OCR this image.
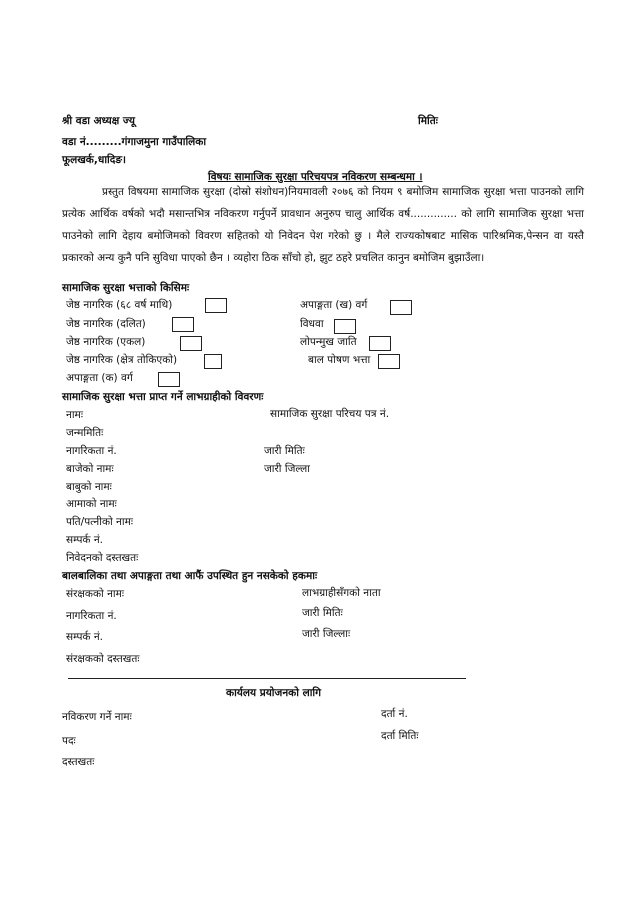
श्री वडा अध्यक्ष ज्यू	मितिः
वडा नं.........गंगाजमुना गाउँपालिका
फूलखर्क,धादिङ।
विषयः सामाजिक सुरक्षा परिचयपत्र नविकरण सम्बन्धमा ।
प्रस्तुत विषयमा सामाजिक सुरक्षा (दोस्रो संशोधन)नियमावली २०७६ को नियम ९ बमोजिम सामाजिक सुरक्षा भत्ता पाउनको लागि प्रत्येक आर्थिक वर्षको भदौ मसान्तभित्र नविकरण गर्नुपर्ने प्रावधान अनुरुप चालु आर्थिक वर्ष.............. को लागि सामाजिक सुरक्षा भत्ता पाउनेको लागि देहाय बमोजिमको विवरण सहितको यो निवेदन पेश गरेको छु । मैले राज्यकोषबाट मासिक पारिश्रमिक,पेन्सन वा यस्तै प्रकारको अन्य कुनै पनि सुविधा पाएको छैन । व्यहोरा ठिक साँचो हो, झुट ठहरे प्रचलित कानुन बमोजिम बुझाउँला।
सामाजिक सुरक्षा भत्ताको किसिमः
जेष्ठ नागरिक (६८ वर्ष माथि)
जेष्ठ नागरिक (दलित)
जेष्ठ नागरिक (एकल)
जेष्ठ नागरिक (क्षेत्र तोकिएको)
अपाङ्गता (क) वर्ग
अपाङ्गता (ख) वर्ग
विधवा
लोपन्मुख जाति
बाल पोषण भत्ता
सामाजिक सुरक्षा भत्ता प्राप्त गर्ने लाभग्राहीको विवरणः
नामः	सामाजिक सुरक्षा परिचय पत्र नं.
जन्ममितिः
नागरिकता नं.	जारी मितिः
बाजेको नामः	जारी जिल्ला
बाबुको नामः
आमाको नामः
पति/पत्नीको नामः
सम्पर्क नं.
निवेदनको दस्तखतः
बालबालिका तथा अपाङ्गता तथा आफैं उपस्थित हुन नसकेको हकमाः
संरक्षकको नामः	लाभग्राहीसँगको नाता
नागरिकता नं.	जारी मितिः
सम्पर्क नं.	जारी जिल्लाः
संरक्षकको दस्तखतः
कार्यलय प्रयोजनको लागि
नविकरण गर्ने नामः	दर्ता नं.
पदः	दर्ता मितिः
दस्तखतः
